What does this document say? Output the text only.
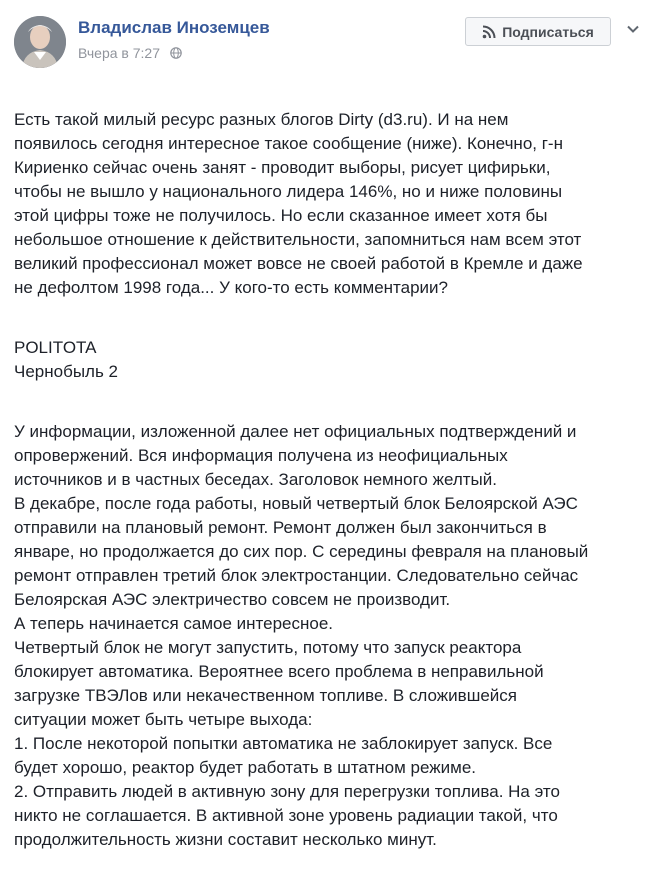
Владислав Иноземцев
Вчера в 7:27
Подписаться

Есть такой милый ресурс разных блогов Dirty (d3.ru). И на нем
появилось сегодня интересное такое сообщение (ниже). Конечно, г-н
Кириенко сейчас очень занят - проводит выборы, рисует цифирьки,
чтобы не вышло у национального лидера 146%, но и ниже половины
этой цифры тоже не получилось. Но если сказанное имеет хотя бы
небольшое отношение к действительности, запомниться нам всем этот
великий профессионал может вовсе не своей работой в Кремле и даже
не дефолтом 1998 года... У кого-то есть комментарии?

POLITOTA
Чернобыль 2

У информации, изложенной далее нет официальных подтверждений и
опровержений. Вся информация получена из неофициальных
источников и в частных беседах. Заголовок немного желтый.
В декабре, после года работы, новый четвертый блок Белоярской АЭС
отправили на плановый ремонт. Ремонт должен был закончиться в
январе, но продолжается до сих пор. С середины февраля на плановый
ремонт отправлен третий блок электростанции. Следовательно сейчас
Белоярская АЭС электричество совсем не производит.
А теперь начинается самое интересное.
Четвертый блок не могут запустить, потому что запуск реактора
блокирует автоматика. Вероятнее всего проблема в неправильной
загрузке ТВЭЛов или некачественном топливе. В сложившейся
ситуации может быть четыре выхода:
1. После некоторой попытки автоматика не заблокирует запуск. Все
будет хорошо, реактор будет работать в штатном режиме.
2. Отправить людей в активную зону для перегрузки топлива. На это
никто не соглашается. В активной зоне уровень радиации такой, что
продолжительность жизни составит несколько минут.
